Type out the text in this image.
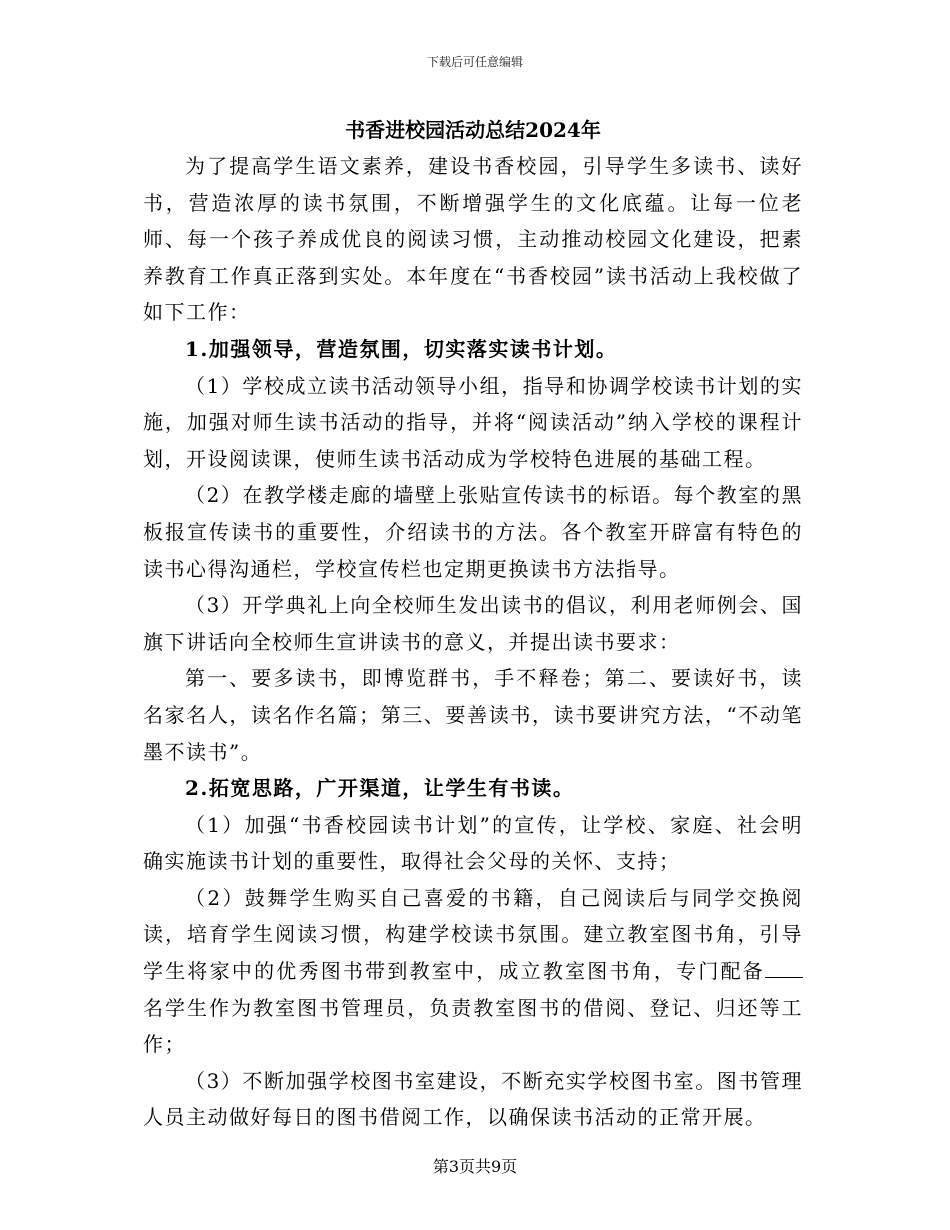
下载后可任意编辑
书香进校园活动总结2024年

为了提高学生语文素养，建设书香校园，引导学生多读书、读好书，营造浓厚的读书氛围，不断增强学生的文化底蕴。让每一位老师、每一个孩子养成优良的阅读习惯，主动推动校园文化建设，把素养教育工作真正落到实处。本年度在“书香校园”读书活动上我校做了如下工作：

1.加强领导，营造氛围，切实落实读书计划。

（1）学校成立读书活动领导小组，指导和协调学校读书计划的实施，加强对师生读书活动的指导，并将“阅读活动”纳入学校的课程计划，开设阅读课，使师生读书活动成为学校特色进展的基础工程。

（2）在教学楼走廊的墙壁上张贴宣传读书的标语。每个教室的黑板报宣传读书的重要性，介绍读书的方法。各个教室开辟富有特色的读书心得沟通栏，学校宣传栏也定期更换读书方法指导。

（3）开学典礼上向全校师生发出读书的倡议，利用老师例会、国旗下讲话向全校师生宣讲读书的意义，并提出读书要求：

第一、要多读书，即博览群书，手不释卷；第二、要读好书，读名家名人，读名作名篇；第三、要善读书，读书要讲究方法，“不动笔墨不读书”。

2.拓宽思路，广开渠道，让学生有书读。

（1）加强“书香校园读书计划”的宣传，让学校、家庭、社会明确实施读书计划的重要性，取得社会父母的关怀、支持；

（2）鼓舞学生购买自己喜爱的书籍，自己阅读后与同学交换阅读，培育学生阅读习惯，构建学校读书氛围。建立教室图书角，引导学生将家中的优秀图书带到教室中，成立教室图书角，专门配备名学生作为教室图书管理员，负责教室图书的借阅、登记、归还等工作；

（3）不断加强学校图书室建设，不断充实学校图书室。图书管理人员主动做好每日的图书借阅工作，以确保读书活动的正常开展。

第3页共9页
